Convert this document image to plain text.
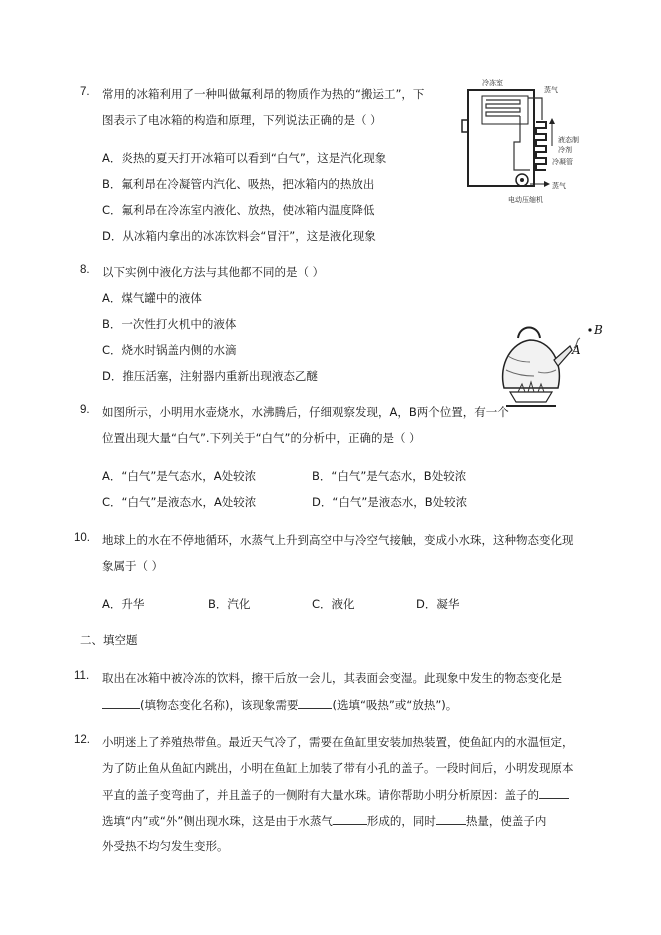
7. 常用的冰箱利用了一种叫做氟利昂的物质作为热的“搬运工”，下
图表示了电冰箱的构造和原理，下列说法正确的是（ ）
A．炎热的夏天打开冰箱可以看到“白气”，这是汽化现象
B．氟利昂在冷凝管内汽化、吸热，把冰箱内的热放出
C．氟利昂在冷冻室内液化、放热，使冰箱内温度降低
D．从冰箱内拿出的冰冻饮料会“冒汗”，这是液化现象
冷冻室
蒸气
液态制
冷剂
冷凝管
蒸气
电动压缩机
8. 以下实例中液化方法与其他都不同的是（ ）
A．煤气罐中的液体
B．一次性打火机中的液体
C．烧水时锅盖内侧的水滴
D．推压活塞，注射器内重新出现液态乙醚
A
B
9. 如图所示，小明用水壶烧水，水沸腾后，仔细观察发现，A，B两个位置，有一个
位置出现大量“白气”.下列关于“白气”的分析中，正确的是（ ）
A．“白气”是气态水，A处较浓	B．“白气”是气态水，B处较浓
C．“白气”是液态水，A处较浓	D．“白气”是液态水，B处较浓
10. 地球上的水在不停地循环，水蒸气上升到高空中与冷空气接触，变成小水珠，这种物态变化现
象属于（ ）
A．升华	B．汽化	C．液化	D．凝华
二、填空题
11. 取出在冰箱中被冷冻的饮料，擦干后放一会儿，其表面会变湿。此现象中发生的物态变化是
(填物态变化名称)，该现象需要	(选填“吸热”或“放热”)。
12. 小明迷上了养殖热带鱼。最近天气冷了，需要在鱼缸里安装加热装置，使鱼缸内的水温恒定，
为了防止鱼从鱼缸内跳出，小明在鱼缸上加装了带有小孔的盖子。一段时间后，小明发现原本
平直的盖子变弯曲了，并且盖子的一侧附有大量水珠。请你帮助小明分析原因：盖子的
选填“内”或“外”侧出现水珠，这是由于水蒸气	形成的，同时	热量，使盖子内
外受热不均匀发生变形。
